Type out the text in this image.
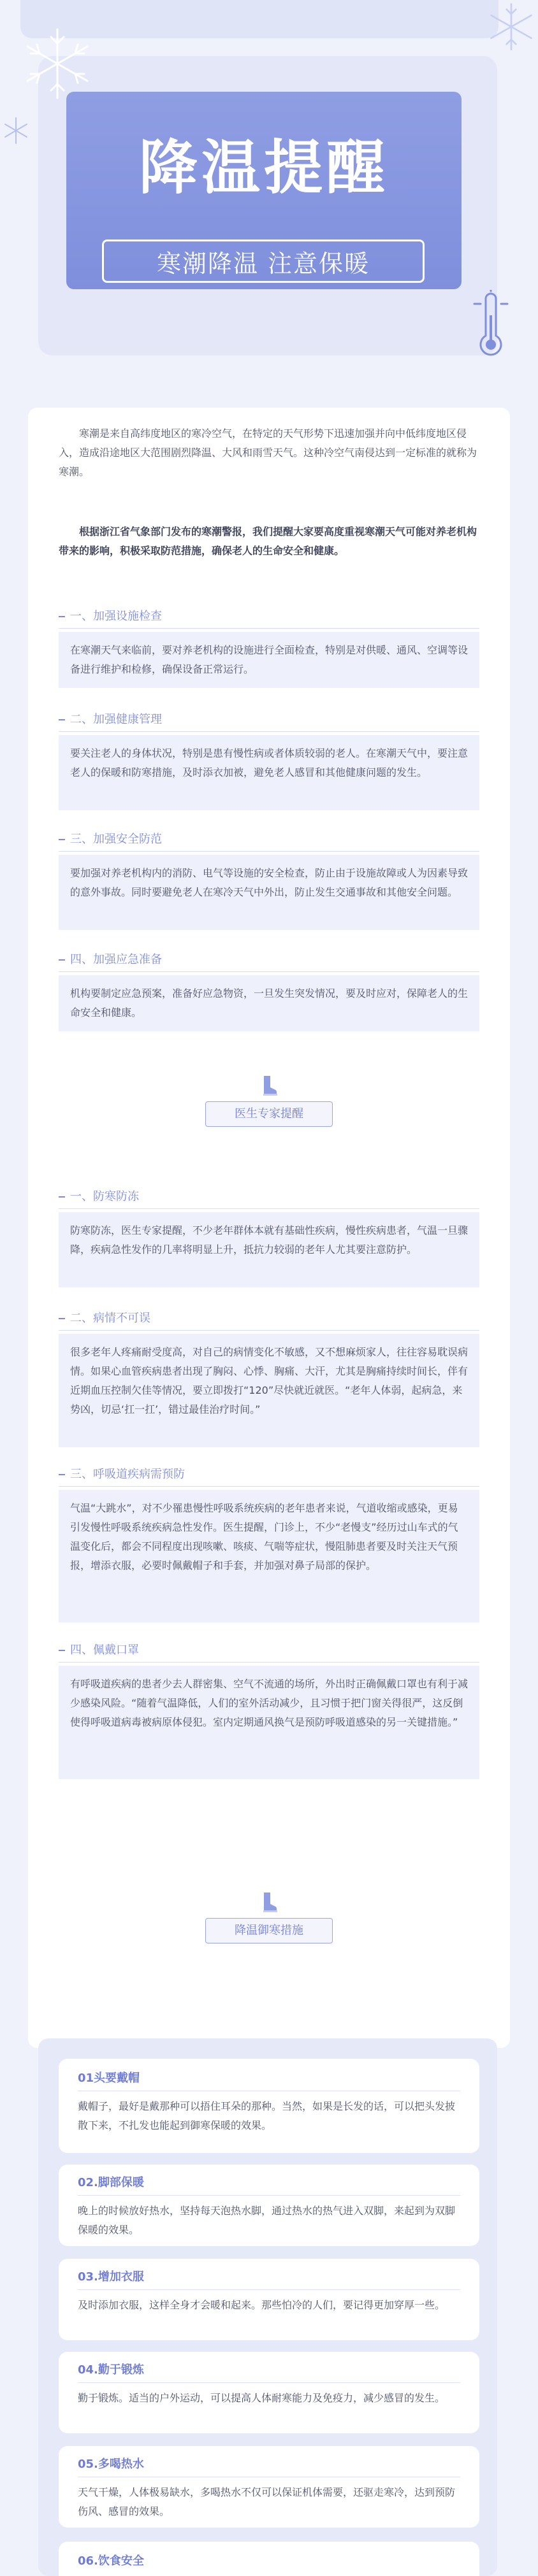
降温提醒
寒潮降温 注意保暖
寒潮是来自高纬度地区的寒冷空气，在特定的天气形势下迅速加强并向中低纬度地区侵入，造成沿途地区大范围剧烈降温、大风和雨雪天气。这种冷空气南侵达到一定标准的就称为寒潮。
根据浙江省气象部门发布的寒潮警报，我们提醒大家要高度重视寒潮天气可能对养老机构带来的影响，积极采取防范措施，确保老人的生命安全和健康。
一、加强设施检查
在寒潮天气来临前，要对养老机构的设施进行全面检查，特别是对供暖、通风、空调等设备进行维护和检修，确保设备正常运行。
二、加强健康管理
要关注老人的身体状况，特别是患有慢性病或者体质较弱的老人。在寒潮天气中，要注意老人的保暖和防寒措施，及时添衣加被，避免老人感冒和其他健康问题的发生。
三、加强安全防范
要加强对养老机构内的消防、电气等设施的安全检查，防止由于设施故障或人为因素导致的意外事故。同时要避免老人在寒冷天气中外出，防止发生交通事故和其他安全问题。
四、加强应急准备
机构要制定应急预案，准备好应急物资，一旦发生突发情况，要及时应对，保障老人的生命安全和健康。
医生专家提醒
一、防寒防冻
防寒防冻，医生专家提醒，不少老年群体本就有基础性疾病，慢性疾病患者，气温一旦骤降，疾病急性发作的几率将明显上升，抵抗力较弱的老年人尤其要注意防护。
二、病情不可误
很多老年人疼痛耐受度高，对自己的病情变化不敏感，又不想麻烦家人，往往容易耽误病情。如果心血管疾病患者出现了胸闷、心悸、胸痛、大汗，尤其是胸痛持续时间长，伴有近期血压控制欠佳等情况，要立即拨打“120”尽快就近就医。“老年人体弱，起病急，来势凶，切忌‘扛一扛’，错过最佳治疗时间。”
三、呼吸道疾病需预防
气温“大跳水”，对不少罹患慢性呼吸系统疾病的老年患者来说，气道收缩或感染，更易引发慢性呼吸系统疾病急性发作。医生提醒，门诊上，不少“老慢支”经历过山车式的气温变化后，都会不同程度出现咳嗽、咳痰、气喘等症状，慢阻肺患者要及时关注天气预报，增添衣服，必要时佩戴帽子和手套，并加强对鼻子局部的保护。
四、佩戴口罩
有呼吸道疾病的患者少去人群密集、空气不流通的场所，外出时正确佩戴口罩也有利于减少感染风险。“随着气温降低，人们的室外活动减少，且习惯于把门窗关得很严，这反倒使得呼吸道病毒被病原体侵犯。室内定期通风换气是预防呼吸道感染的另一关键措施。”
降温御寒措施
01头要戴帽
戴帽子，最好是戴那种可以捂住耳朵的那种。当然，如果是长发的话，可以把头发披散下来，不扎发也能起到御寒保暖的效果。
02.脚部保暖
晚上的时候放好热水，坚持每天泡热水脚，通过热水的热气进入双脚，来起到为双脚保暖的效果。
03.增加衣服
及时添加衣服，这样全身才会暖和起来。那些怕冷的人们，要记得更加穿厚一些。
04.勤于锻炼
勤于锻炼。适当的户外运动，可以提高人体耐寒能力及免疫力，减少感冒的发生。
05.多喝热水
天气干燥，人体极易缺水，多喝热水不仅可以保证机体需要，还驱走寒冷，达到预防伤风、感冒的效果。
06.饮食安全
